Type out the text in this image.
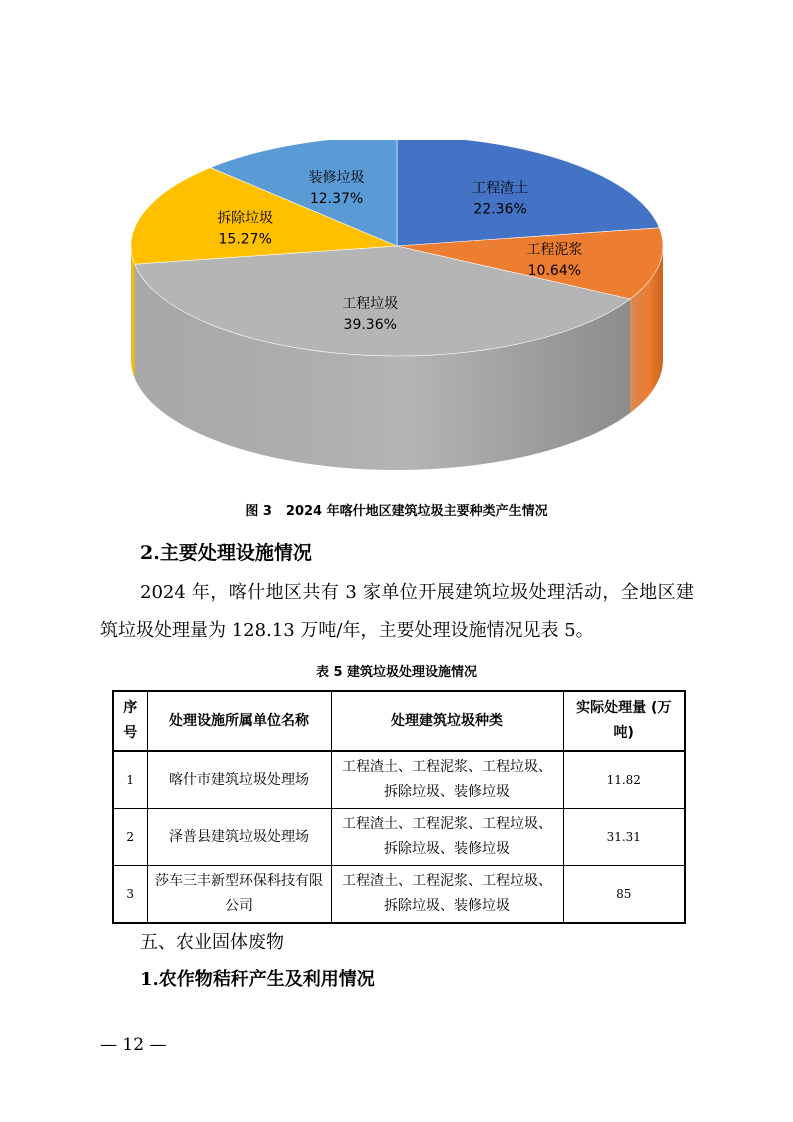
工程渣土
22.36%
工程泥浆
10.64%
工程垃圾
39.36%
拆除垃圾
15.27%
装修垃圾
12.37%
图 3 2024 年喀什地区建筑垃圾主要种类产生情况
2.主要处理设施情况
2024 年，喀什地区共有 3 家单位开展建筑垃圾处理活动，全地区建筑垃圾处理量为 128.13 万吨/年，主要处理设施情况见表 5。
表 5 建筑垃圾处理设施情况
序号	处理设施所属单位名称	处理建筑垃圾种类	实际处理量 (万吨)
1	喀什市建筑垃圾处理场	工程渣土、工程泥浆、工程垃圾、拆除垃圾、装修垃圾	11.82
2	泽普县建筑垃圾处理场	工程渣土、工程泥浆、工程垃圾、拆除垃圾、装修垃圾	31.31
3	莎车三丰新型环保科技有限公司	工程渣土、工程泥浆、工程垃圾、拆除垃圾、装修垃圾	85
五、农业固体废物
1.农作物秸秆产生及利用情况
— 12 —
